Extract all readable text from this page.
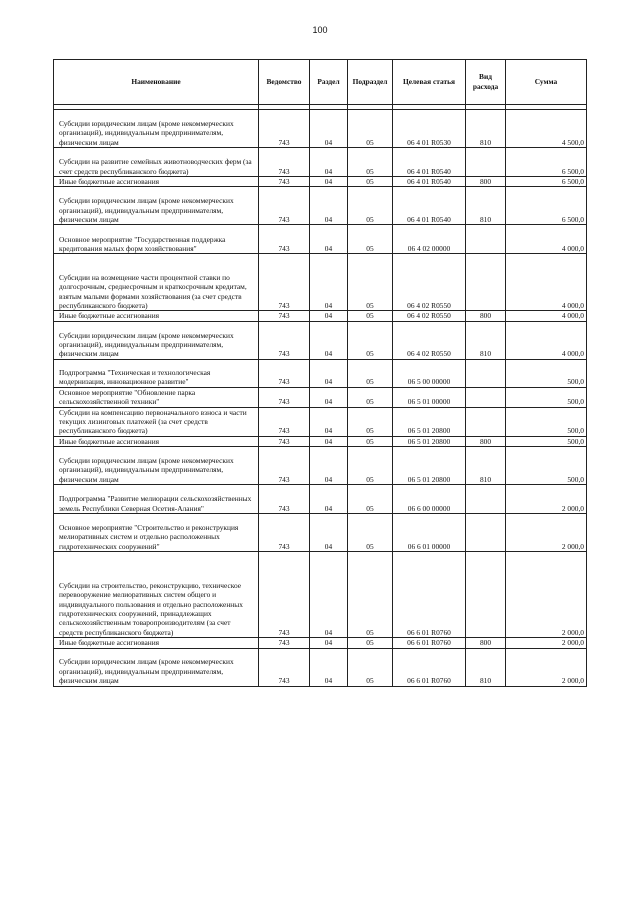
100
Наименование	Ведомство	Раздел	Подраздел	Целевая статья	Вид расхода	Сумма

Субсидии юридическим лицам (кроме некоммерческих организаций), индивидуальным предпринимателям, физическим лицам	743	04	05	06 4 01 R0530	810	4 500,0
Субсидии на развитие семейных животноводческих ферм (за счет средств республиканского бюджета)	743	04	05	06 4 01 R0540		6 500,0
Иные бюджетные ассигнования	743	04	05	06 4 01 R0540	800	6 500,0
Субсидии юридическим лицам (кроме некоммерческих организаций), индивидуальным предпринимателям, физическим лицам	743	04	05	06 4 01 R0540	810	6 500,0
Основное мероприятие "Государственная поддержка кредитования малых форм хозяйствования"	743	04	05	06 4 02 00000		4 000,0
Субсидии на возмещение части процентной ставки по долгосрочным, среднесрочным и краткосрочным кредитам, взятым малыми формами хозяйствования (за счет средств республиканского бюджета)	743	04	05	06 4 02 R0550		4 000,0
Иные бюджетные ассигнования	743	04	05	06 4 02 R0550	800	4 000,0
Субсидии юридическим лицам (кроме некоммерческих организаций), индивидуальным предпринимателям, физическим лицам	743	04	05	06 4 02 R0550	810	4 000,0
Подпрограмма "Техническая и технологическая модернизация, инновационное развитие"	743	04	05	06 5 00 00000		500,0
Основное мероприятие "Обновление парка сельскохозяйственной техники"	743	04	05	06 5 01 00000		500,0
Субсидии на компенсацию первоначального взноса и части текущих лизинговых платежей (за счет средств республиканского бюджета)	743	04	05	06 5 01 20800		500,0
Иные бюджетные ассигнования	743	04	05	06 5 01 20800	800	500,0
Субсидии юридическим лицам (кроме некоммерческих организаций), индивидуальным предпринимателям, физическим лицам	743	04	05	06 5 01 20800	810	500,0
Подпрограмма "Развитие мелиорации сельскохозяйственных земель Республики Северная Осетия-Алания"	743	04	05	06 6 00 00000		2 000,0
Основное мероприятие "Строительство и реконструкция мелиоративных систем и отдельно расположенных гидротехнических сооружений"	743	04	05	06 6 01 00000		2 000,0
Субсидии на строительство, реконструкцию, техническое перевооружение мелиоративных систем общего и индивидуального пользования и отдельно расположенных гидротехнических сооружений, принадлежащих сельскохозяйственным товаропроизводителям (за счет средств республиканского бюджета)	743	04	05	06 6 01 R0760		2 000,0
Иные бюджетные ассигнования	743	04	05	06 6 01 R0760	800	2 000,0
Субсидии юридическим лицам (кроме некоммерческих организаций), индивидуальным предпринимателям, физическим лицам	743	04	05	06 6 01 R0760	810	2 000,0
